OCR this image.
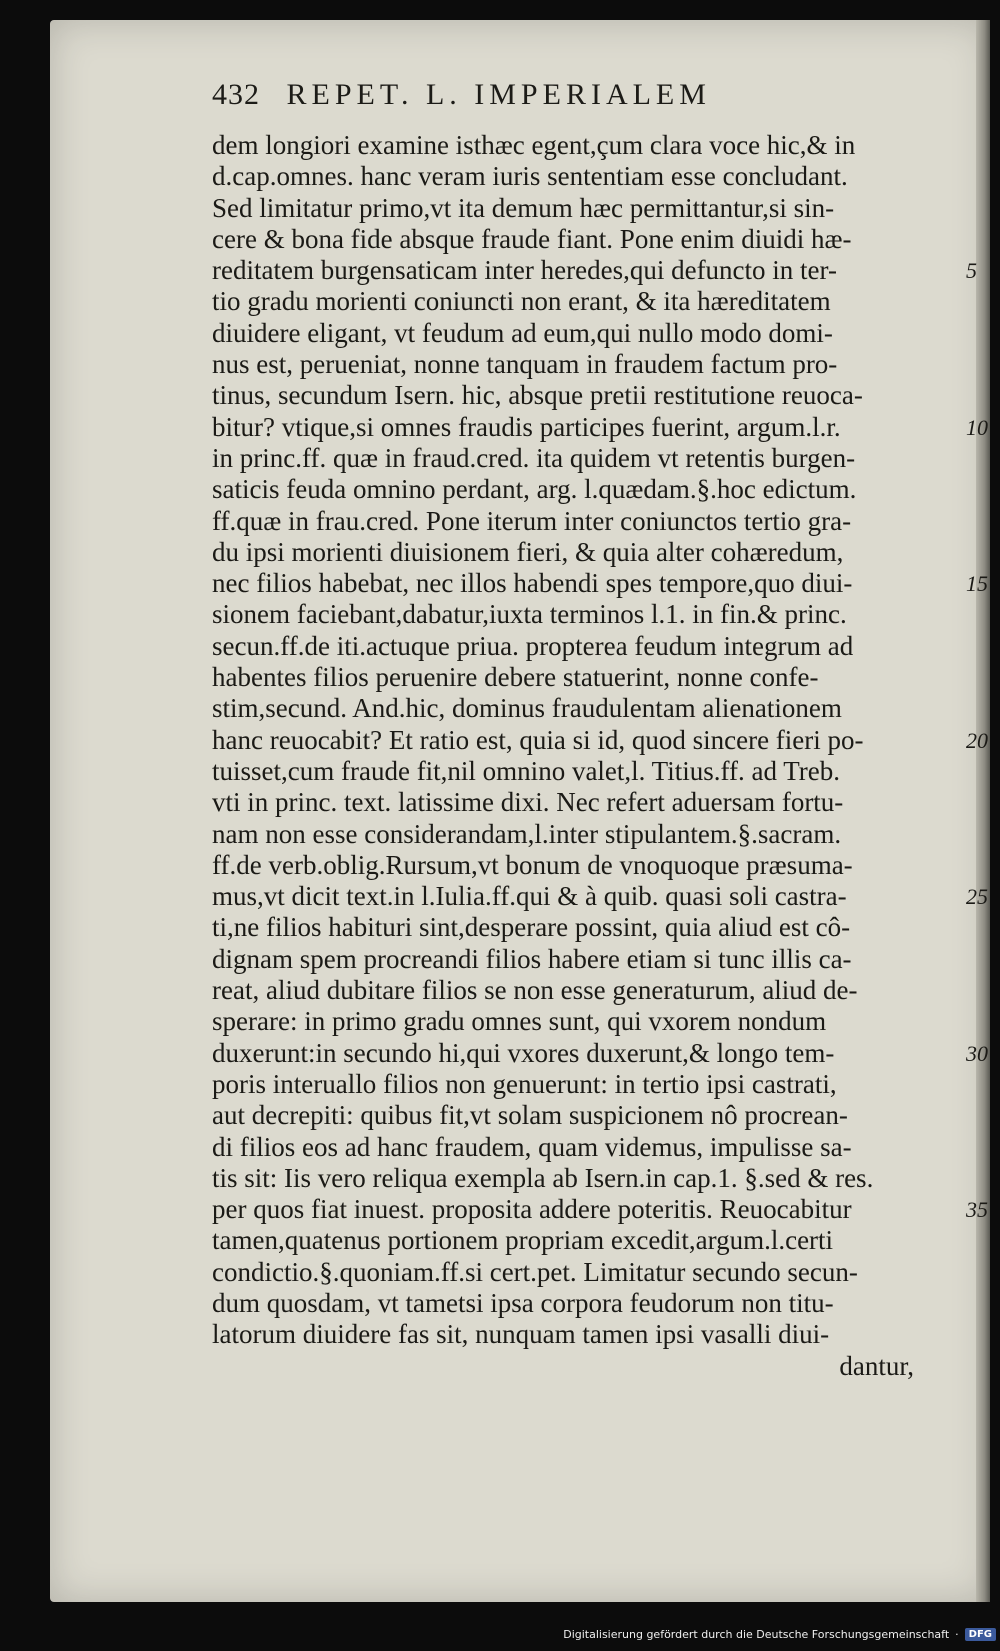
432 REPET. L. IMPERIALEM
dem longiori examine isthæc egent,çum clara voce hic,& in
d.cap.omnes. hanc veram iuris sententiam esse concludant.
Sed limitatur primo,vt ita demum hæc permittantur,si sin-
cere & bona fide absque fraude fiant. Pone enim diuidi hæ-
reditatem burgensaticam inter heredes,qui defuncto in ter-
tio gradu morienti coniuncti non erant, & ita hæreditatem
diuidere eligant, vt feudum ad eum,qui nullo modo domi-
nus est, perueniat, nonne tanquam in fraudem factum pro-
tinus, secundum Isern. hic, absque pretii restitutione reuoca-
bitur? vtique,si omnes fraudis participes fuerint, argum.l.r.
in princ.ff. quæ in fraud.cred. ita quidem vt retentis burgen-
saticis feuda omnino perdant, arg. l.quædam.§.hoc edictum.
ff.quæ in frau.cred. Pone iterum inter coniunctos tertio gra-
du ipsi morienti diuisionem fieri, & quia alter cohæredum,
nec filios habebat, nec illos habendi spes tempore,quo diui-
sionem faciebant,dabatur,iuxta terminos l.1. in fin.& princ.
secun.ff.de iti.actuque priua. propterea feudum integrum ad
habentes filios peruenire debere statuerint, nonne confe-
stim,secund. And.hic, dominus fraudulentam alienationem
hanc reuocabit? Et ratio est, quia si id, quod sincere fieri po-
tuisset,cum fraude fit,nil omnino valet,l. Titius.ff. ad Treb.
vti in princ. text. latissime dixi. Nec refert aduersam fortu-
nam non esse considerandam,l.inter stipulantem.§.sacram.
ff.de verb.oblig.Rursum,vt bonum de vnoquoque præsuma-
mus,vt dicit text.in l.Iulia.ff.qui & à quib. quasi soli castra-
ti,ne filios habituri sint,desperare possint, quia aliud est cô-
dignam spem procreandi filios habere etiam si tunc illis ca-
reat, aliud dubitare filios se non esse generaturum, aliud de-
sperare: in primo gradu omnes sunt, qui vxorem nondum
duxerunt:in secundo hi,qui vxores duxerunt,& longo tem-
poris interuallo filios non genuerunt: in tertio ipsi castrati,
aut decrepiti: quibus fit,vt solam suspicionem nô procrean-
di filios eos ad hanc fraudem, quam videmus, impulisse sa-
tis sit: Iis vero reliqua exempla ab Isern.in cap.1. §.sed & res.
per quos fiat inuest. proposita addere poteritis. Reuocabitur
tamen,quatenus portionem propriam excedit,argum.l.certi
condictio.§.quoniam.ff.si cert.pet. Limitatur secundo secun-
dum quosdam, vt tametsi ipsa corpora feudorum non titu-
latorum diuidere fas sit, nunquam tamen ipsi vasalli diui-
dantur,
5
10
15
20
25
30
35
Digitalisierung gefördert durch die Deutsche Forschungsgemeinschaft ·	DFG
